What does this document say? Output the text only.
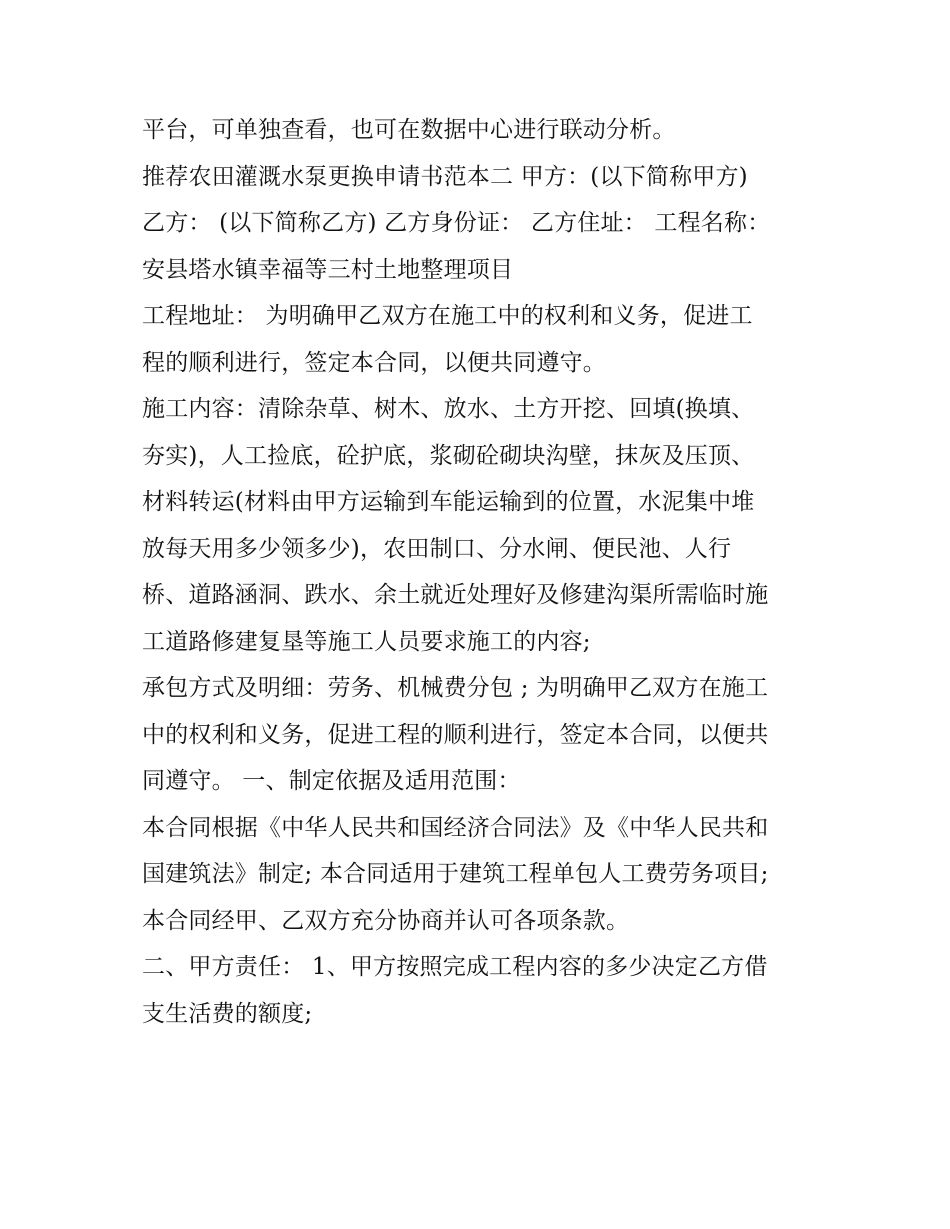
平台，可单独查看，也可在数据中心进行联动分析。
推荐农田灌溉水泵更换申请书范本二 甲方：(以下简称甲方)
乙方： (以下简称乙方) 乙方身份证： 乙方住址： 工程名称：
安县塔水镇幸福等三村土地整理项目
工程地址： 为明确甲乙双方在施工中的权利和义务，促进工
程的顺利进行，签定本合同，以便共同遵守。
施工内容：清除杂草、树木、放水、土方开挖、回填(换填、
夯实)，人工捡底，砼护底，浆砌砼砌块沟壁，抹灰及压顶、
材料转运(材料由甲方运输到车能运输到的位置，水泥集中堆
放每天用多少领多少)，农田制口、分水闸、便民池、人行
桥、道路涵洞、跌水、余土就近处理好及修建沟渠所需临时施
工道路修建复垦等施工人员要求施工的内容;
承包方式及明细：劳务、机械费分包 ; 为明确甲乙双方在施工
中的权利和义务，促进工程的顺利进行，签定本合同，以便共
同遵守。 一、制定依据及适用范围：
本合同根据《中华人民共和国经济合同法》及《中华人民共和
国建筑法》制定; 本合同适用于建筑工程单包人工费劳务项目;
本合同经甲、乙双方充分协商并认可各项条款。
二、甲方责任： 1、甲方按照完成工程内容的多少决定乙方借
支生活费的额度;
